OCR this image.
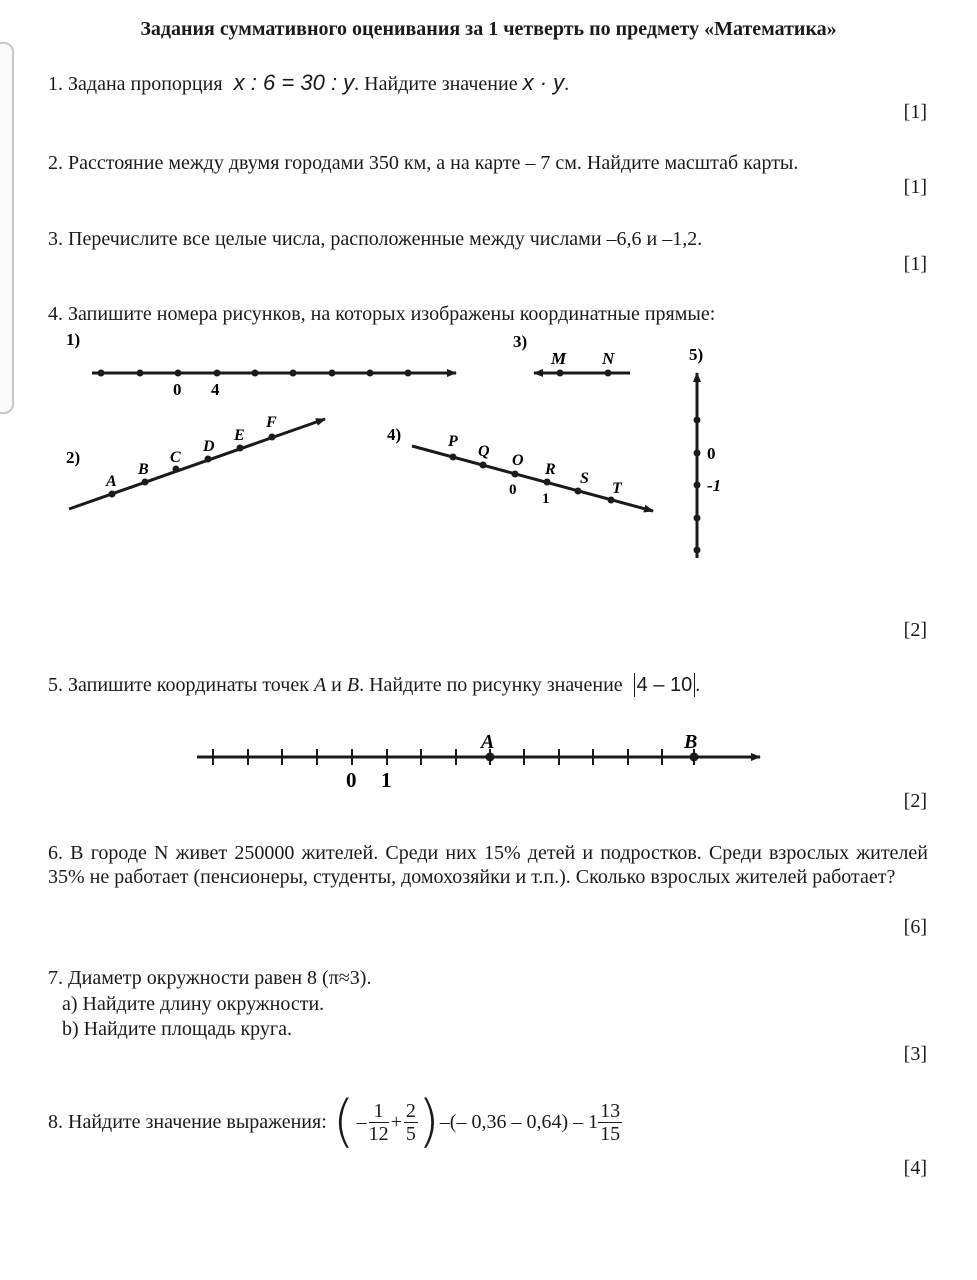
Задания суммативного оценивания за 1 четверть по предмету «Математика»
1. Задана пропорция x : 6 = 30 : y. Найдите значение x · y.
[1]
2. Расстояние между двумя городами 350 км, а на карте – 7 см. Найдите масштаб карты.
[1]
3. Перечислите все целые числа, расположенные между числами –6,6 и –1,2.
[1]
4. Запишите номера рисунков, на которых изображены координатные прямые:
1)
0 4
2)
A
B
C
D
E
F
3)
M N
4)	P
Q
O
R
S
T
0
1
5)
0
-1
[2]
5. Запишите координаты точек A и B. Найдите по рисунку значение 4 – 10 .
A	B
0 1
[2]
6. В городе N живет 250000 жителей. Среди них 15% детей и подростков. Среди взрослых жителей 35% не работает (пенсионеры, студенты, домохозяйки и т.п.). Сколько взрослых жителей работает?
[6]
7. Диаметр окружности равен 8 (π≈3).
a) Найдите длину окружности.
b) Найдите площадь круга.
[3]
8. Найдите значение выражения: ( – $\frac{1}{12} + \frac{2}{5}$ ) –(– $0,36 - 0,64) - 1 \frac{13}{15}$
[4]
